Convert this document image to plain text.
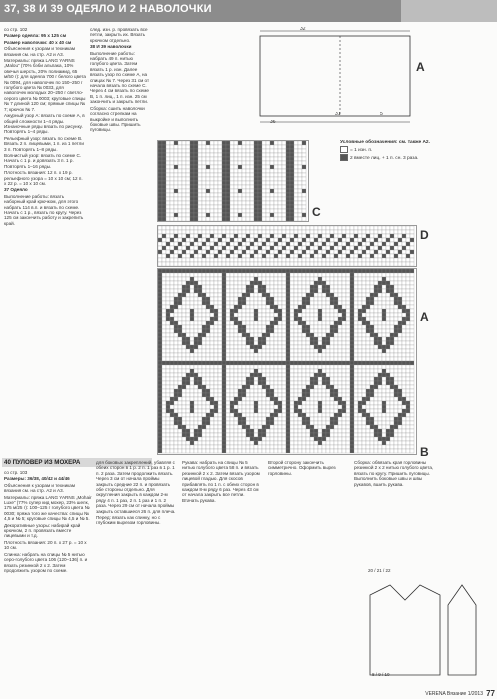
37, 38 И 39 ОДЕЯЛО И 2 НАВОЛОЧКИ

со стр. 102

Размер одеяла: 95 х 125 см

Размер наволочки: 40 х 40 см

Объяснения к узорам и техникам вязания см. на стр. А2 и А3.

Материалы: пряжа LANG YARNS „Malou“ (70% бэби альпака, 10% овечья шерсть, 20% полиамид, 65 м/50 г): для одеяла 700 г белого цвета № 0094, для наволочек по 150–250 г голубого цвета № 0033, для наволочек молодых 20–250 г светло-серого цвета № 0003; круговые спицы № 7 длиной 120 см; прямые спицы № 7; крючок № 7.

Ажурный узор A: вязать по схеме A, в общей сложности 1–4 ряды. Изнаночные ряды вязать по рисунку. Повторять 1–4 ряды.

Рельефный узор: вязать по схеме B. Вязать 2 п. лицевыми, 1 п. из 1 петли 3 п. Повторять 1–8 ряды.

Волнистый узор: вязать по схеме C. Начать с 1 р. и довязать 3 п. 1 р. Повторять 1–16 ряды.

Плотность вязания: 12 п. х 19 р. рельефного узора = 10 х 10 см; 12 п. х 22 р. = 10 х 10 см.

37 Одеяло

Выполнение работы: вязать наборный край крючком, для этого набрать 114 в.п. и вязать по схеме. Начать с 1 р., вязать по кругу. Через 125 см закончить работу и закрепить край.

след. изн. р. провязать все петли, закрыть их. Вязать крючком отдельно.

38 И 39 наволочки

Выполнение работы: набрать 49 п. нитью голубого цвета. Затем вязать 1 р. изн. Далее вязать узор по схеме A, на спицах № 7. Через 31 см от начала вязать по схеме C. Через 4 см вязать по схеме B, 1 п. лиц., 1 п. изн. 25 см закончить и закрыть петли.

Сборка: сшить наволочки согласно стрелкам на выкройке и выполнить боковые швы. Пришить пуговицы.

32
31	5
36
A
C
Условные обозначения: см. также А2.
= 1 изн. п.
2 вместе лиц. + 1 п. сн. 3 раза.
D
A
B
40 ПУЛОВЕР ИЗ МОХЕРА

со стр. 103

Размеры: 36/38, 40/42 и 44/46

Объяснения к узорам и техникам вязания см. на стр. А2 и А3.

Материалы: пряжа LANG YARNS „Mohair Luxe“ (77% супер кид мохер, 23% шелк, 175 м/25 г): 100–125 г голубого цвета № 0030; пряжа того же качества: спицы № 4,5 и № 5; круговые спицы № 4,5 и № 5.

Декоративные узоры: набирай край крючком, 2 п. провязать вместе лицевыми и т.д.

Плотность вязания: 20 п. х 27 р. = 10 х 10 см.

Спинка: набрать на спицы № 5 нитью серо-голубого цвета 106 (120–136) п. и вязать резинкой 2 х 2. Затем продолжить узором по схеме.

для боковых закреплений, убавляя с обеих сторон в 1 р. 2 п. 1 раз в 1 р. 1 п. 2 раза. Затем продолжить вязать. Через 3 см от начала проймы закрыть средние 22 п. и провязать обе стороны отдельно. Для округления закрыть в каждом 2-м ряду 4 п. 1 раз, 2 п. 1 раз и 1 п. 2 раза. Через 29 см от начала проймы закрыть оставшиеся 26 п. для плеча.

Перед: вязать как спинку, но с глубоким вырезом горловины.

Рукава: набрать на спицы № 5 нитью голубого цвета 58 п. и вязать резинкой 2 х 2. Затем вязать узором лицевой гладью. Для скосов прибавлять по 1 п. с обеих сторон в каждом 8-м ряду 6 раз. Через 43 см от начала закрыть все петли. Втачать рукава.

Второй сторону закончить симметрично. Оформить вырез горловины.

Сборка: обвязать края горловины резинкой 2 х 2 нитью голубого цвета, вязать по кругу. Пришить пуговицы. Выполнить боковые швы и швы рукавов, вшить рукава.

20 / 21 / 22
8 / 9 / 10
VERENA Вязание 1/2013 77
